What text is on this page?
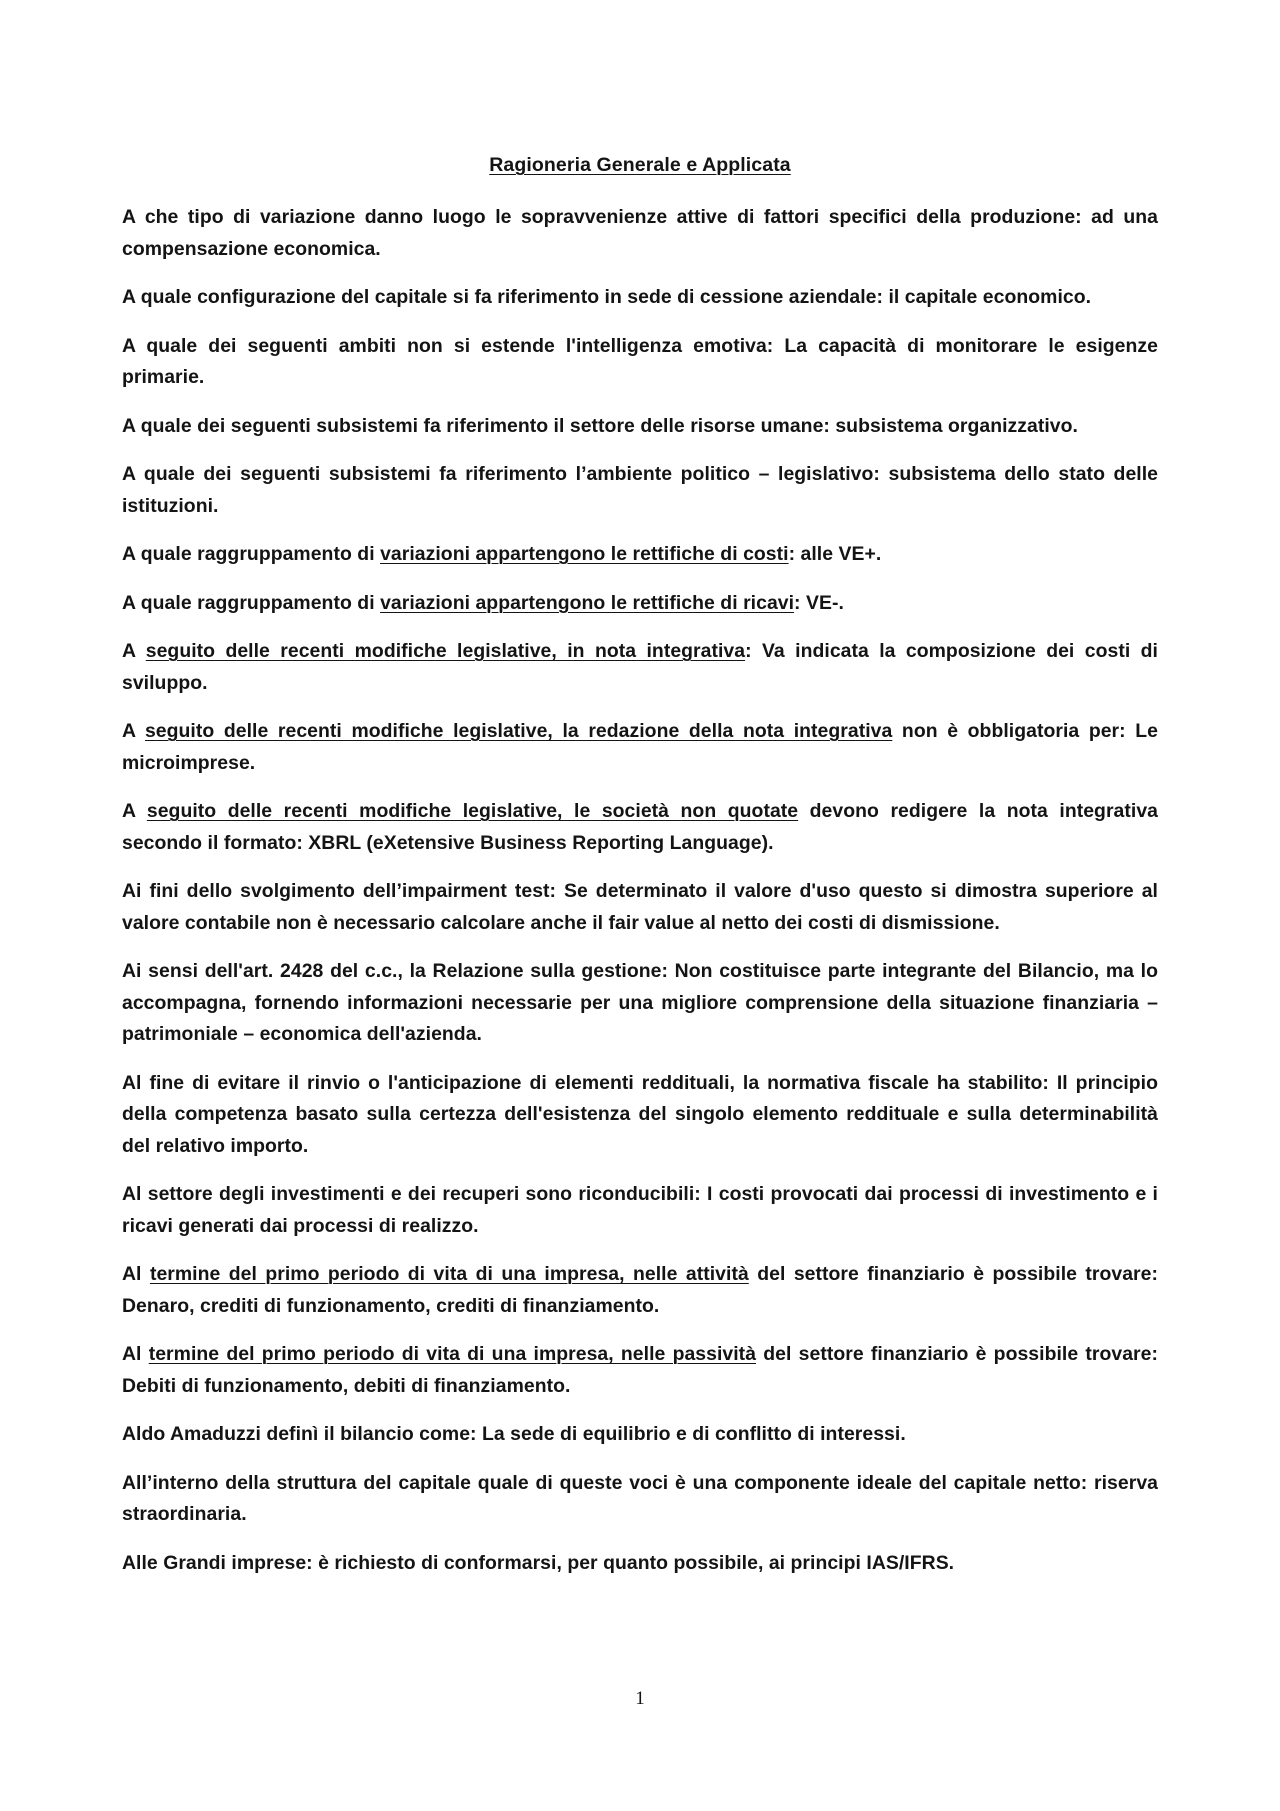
Ragioneria Generale e Applicata

A che tipo di variazione danno luogo le sopravvenienze attive di fattori specifici della produzione: ad una compensazione economica.

A quale configurazione del capitale si fa riferimento in sede di cessione aziendale: il capitale economico.

A quale dei seguenti ambiti non si estende l'intelligenza emotiva: La capacità di monitorare le esigenze primarie.

A quale dei seguenti subsistemi fa riferimento il settore delle risorse umane: subsistema organizzativo.

A quale dei seguenti subsistemi fa riferimento l’ambiente politico – legislativo: subsistema dello stato delle istituzioni.

A quale raggruppamento di variazioni appartengono le rettifiche di costi: alle VE+.

A quale raggruppamento di variazioni appartengono le rettifiche di ricavi: VE-.

A seguito delle recenti modifiche legislative, in nota integrativa: Va indicata la composizione dei costi di sviluppo.

A seguito delle recenti modifiche legislative, la redazione della nota integrativa non è obbligatoria per: Le microimprese.

A seguito delle recenti modifiche legislative, le società non quotate devono redigere la nota integrativa secondo il formato: XBRL (eXetensive Business Reporting Language).

Ai fini dello svolgimento dell’impairment test: Se determinato il valore d'uso questo si dimostra superiore al valore contabile non è necessario calcolare anche il fair value al netto dei costi di dismissione.

Ai sensi dell'art. 2428 del c.c., la Relazione sulla gestione: Non costituisce parte integrante del Bilancio, ma lo accompagna, fornendo informazioni necessarie per una migliore comprensione della situazione finanziaria – patrimoniale – economica dell'azienda.

Al fine di evitare il rinvio o l'anticipazione di elementi reddituali, la normativa fiscale ha stabilito: Il principio della competenza basato sulla certezza dell'esistenza del singolo elemento reddituale e sulla determinabilità del relativo importo.

Al settore degli investimenti e dei recuperi sono riconducibili: I costi provocati dai processi di investimento e i ricavi generati dai processi di realizzo.

Al termine del primo periodo di vita di una impresa, nelle attività del settore finanziario è possibile trovare: Denaro, crediti di funzionamento, crediti di finanziamento.

Al termine del primo periodo di vita di una impresa, nelle passività del settore finanziario è possibile trovare: Debiti di funzionamento, debiti di finanziamento.

Aldo Amaduzzi definì il bilancio come: La sede di equilibrio e di conflitto di interessi.

All’interno della struttura del capitale quale di queste voci è una componente ideale del capitale netto: riserva straordinaria.

Alle Grandi imprese: è richiesto di conformarsi, per quanto possibile, ai principi IAS/IFRS.

1
